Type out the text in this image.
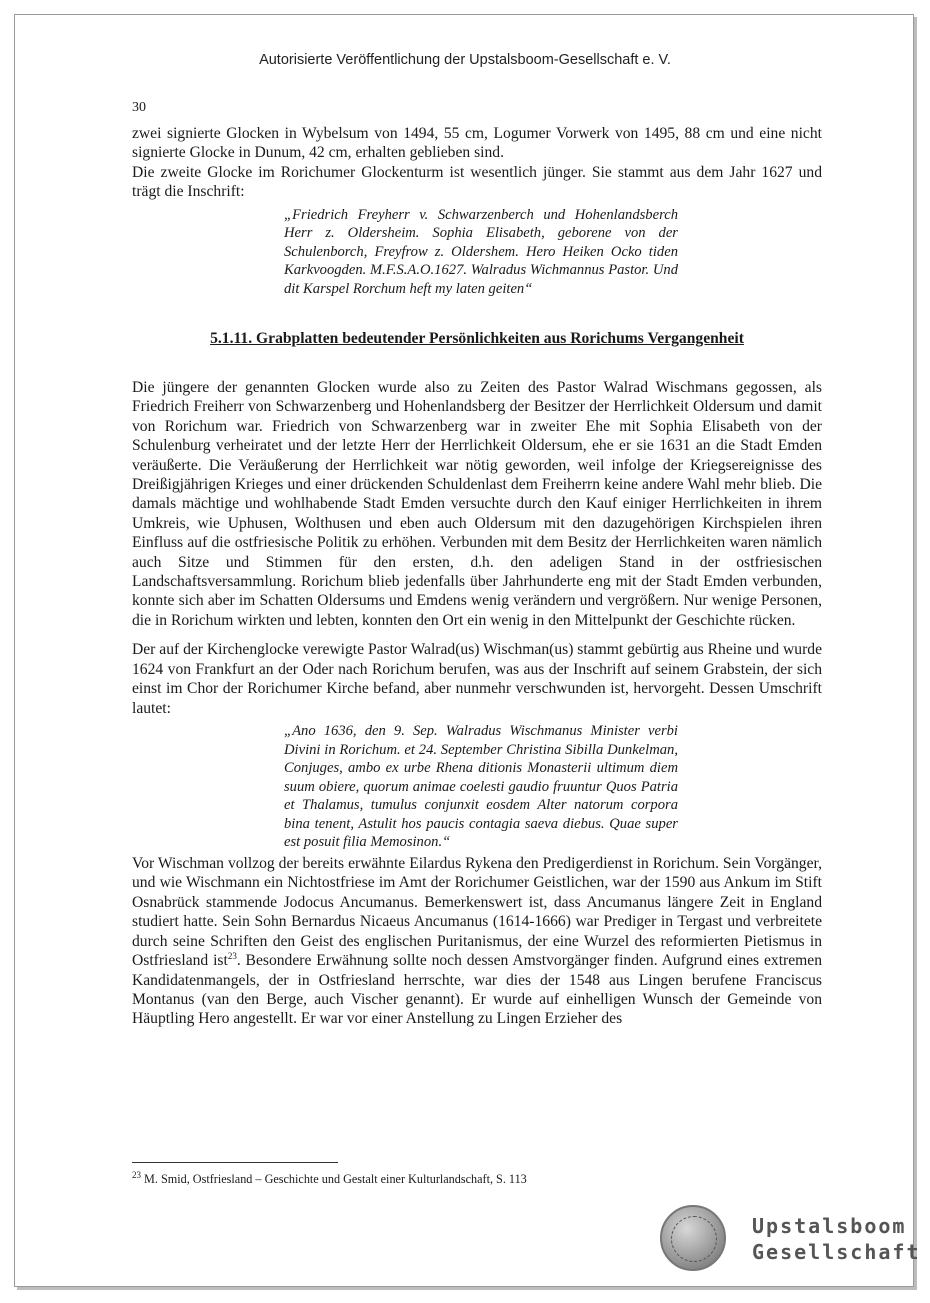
Autorisierte Veröffentlichung der Upstalsboom-Gesellschaft e. V.
30

zwei signierte Glocken in Wybelsum von 1494, 55 cm, Logumer Vorwerk von 1495, 88 cm und eine nicht signierte Glocke in Dunum, 42 cm, erhalten geblieben sind.

Die zweite Glocke im Rorichumer Glockenturm ist wesentlich jünger. Sie stammt aus dem Jahr 1627 und trägt die Inschrift:

„Friedrich Freyherr v. Schwarzenberch und Hohenlandsberch Herr z. Oldersheim. Sophia Elisabeth, geborene von der Schulenborch, Freyfrow z. Oldershem. Hero Heiken Ocko tiden Karkvoogden. M.F.S.A.O.1627. Walradus Wichmannus Pastor. Und dit Karspel Rorchum heft my laten geiten“
5.1.11. Grabplatten bedeutender Persönlichkeiten aus Rorichums Vergangenheit

Die jüngere der genannten Glocken wurde also zu Zeiten des Pastor Walrad Wischmans gegossen, als Friedrich Freiherr von Schwarzenberg und Hohenlandsberg der Besitzer der Herrlichkeit Oldersum und damit von Rorichum war. Friedrich von Schwarzenberg war in zweiter Ehe mit Sophia Elisabeth von der Schulenburg verheiratet und der letzte Herr der Herrlichkeit Oldersum, ehe er sie 1631 an die Stadt Emden veräußerte. Die Veräußerung der Herrlichkeit war nötig geworden, weil infolge der Kriegsereignisse des Dreißigjährigen Krieges und einer drückenden Schuldenlast dem Freiherrn keine andere Wahl mehr blieb. Die damals mächtige und wohlhabende Stadt Emden versuchte durch den Kauf einiger Herrlichkeiten in ihrem Umkreis, wie Uphusen, Wolthusen und eben auch Oldersum mit den dazugehörigen Kirchspielen ihren Einfluss auf die ostfriesische Politik zu erhöhen. Verbunden mit dem Besitz der Herrlichkeiten waren nämlich auch Sitze und Stimmen für den ersten, d.h. den adeligen Stand in der ostfriesischen Landschaftsversammlung. Rorichum blieb jedenfalls über Jahrhunderte eng mit der Stadt Emden verbunden, konnte sich aber im Schatten Oldersums und Emdens wenig verändern und vergrößern. Nur wenige Personen, die in Rorichum wirkten und lebten, konnten den Ort ein wenig in den Mittelpunkt der Geschichte rücken.

Der auf der Kirchenglocke verewigte Pastor Walrad(us) Wischman(us) stammt gebürtig aus Rheine und wurde 1624 von Frankfurt an der Oder nach Rorichum berufen, was aus der Inschrift auf seinem Grabstein, der sich einst im Chor der Rorichumer Kirche befand, aber nunmehr verschwunden ist, hervorgeht. Dessen Umschrift lautet:

„Ano 1636, den 9. Sep. Walradus Wischmanus Minister verbi Divini in Rorichum. et 24. September Christina Sibilla Dunkelman, Conjuges, ambo ex urbe Rhena ditionis Monasterii ultimum diem suum obiere, quorum animae coelesti gaudio fruuntur Quos Patria et Thalamus, tumulus conjunxit eosdem Alter natorum corpora bina tenent, Astulit hos paucis contagia saeva diebus. Quae super est posuit filia Memosinon.“

Vor Wischman vollzog der bereits erwähnte Eilardus Rykena den Predigerdienst in Rorichum. Sein Vorgänger, und wie Wischmann ein Nichtostfriese im Amt der Rorichumer Geistlichen, war der 1590 aus Ankum im Stift Osnabrück stammende Jodocus Ancumanus. Bemerkenswert ist, dass Ancumanus längere Zeit in England studiert hatte. Sein Sohn Bernardus Nicaeus Ancumanus (1614-1666) war Prediger in Tergast und verbreitete durch seine Schriften den Geist des englischen Puritanismus, der eine Wurzel des reformierten Pietismus in Ostfriesland ist$^{23}$. Besondere Erwähnung sollte noch dessen Amstvorgänger finden. Aufgrund eines extremen Kandidatenmangels, der in Ostfriesland herrschte, war dies der 1548 aus Lingen berufene Franciscus Montanus (van den Berge, auch Vischer genannt). Er wurde auf einhelligen Wunsch der Gemeinde von Häuptling Hero angestellt. Er war vor einer Anstellung zu Lingen Erzieher des

$^{23}$ M. Smid, Ostfriesland – Geschichte und Gestalt einer Kulturlandschaft, S. 113
Upstalsboom
Gesellschaft
